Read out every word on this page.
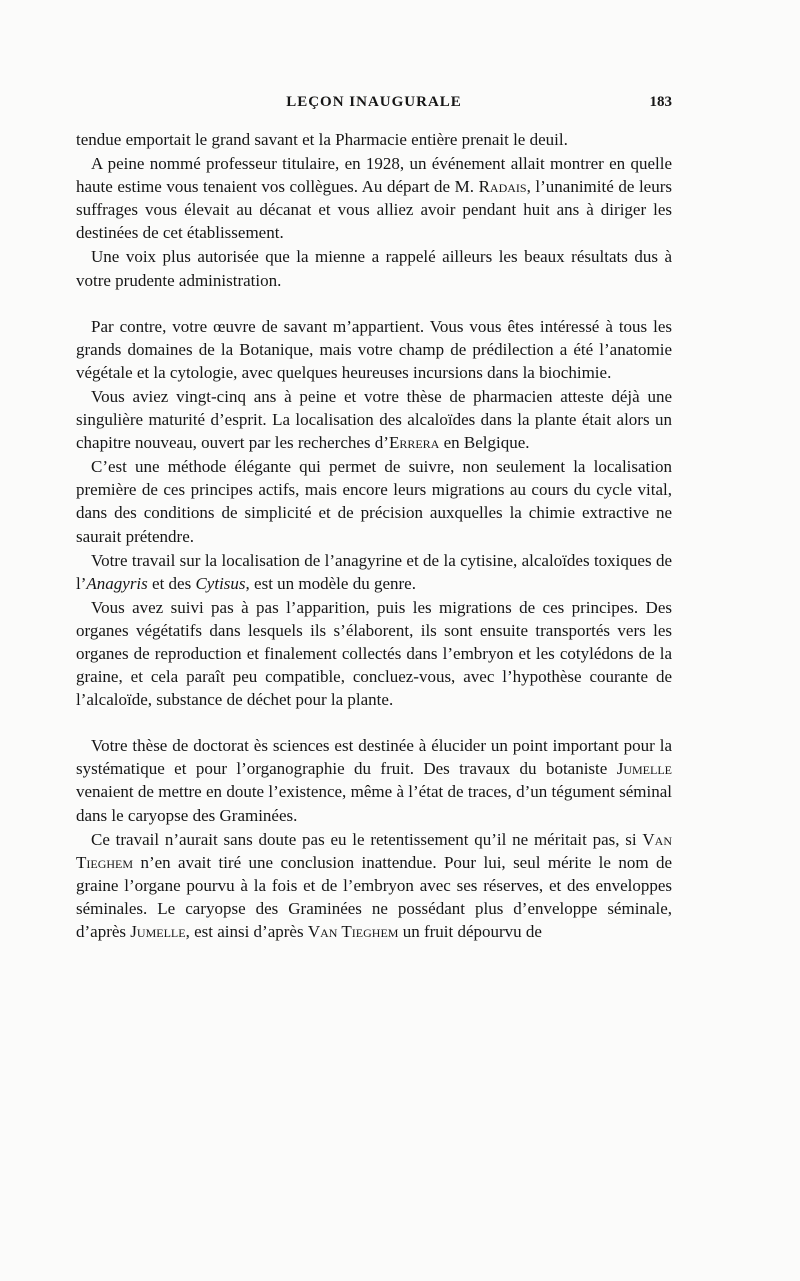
LEÇON INAUGURALE	183

tendue emportait le grand savant et la Pharmacie entière prenait le deuil.

A peine nommé professeur titulaire, en 1928, un événement allait montrer en quelle haute estime vous tenaient vos collègues. Au départ de M. Radais, l’unanimité de leurs suffrages vous élevait au décanat et vous alliez avoir pendant huit ans à diriger les destinées de cet établissement.

Une voix plus autorisée que la mienne a rappelé ailleurs les beaux résultats dus à votre prudente administration.

Par contre, votre œuvre de savant m’appartient. Vous vous êtes intéressé à tous les grands domaines de la Botanique, mais votre champ de prédilection a été l’anatomie végétale et la cytologie, avec quelques heureuses incursions dans la biochimie.

Vous aviez vingt-cinq ans à peine et votre thèse de pharmacien atteste déjà une singulière maturité d’esprit. La localisation des alcaloïdes dans la plante était alors un chapitre nouveau, ouvert par les recherches d’Errera en Belgique.

C’est une méthode élégante qui permet de suivre, non seulement la localisation première de ces principes actifs, mais encore leurs migrations au cours du cycle vital, dans des conditions de simplicité et de précision auxquelles la chimie extractive ne saurait prétendre.

Votre travail sur la localisation de l’anagyrine et de la cytisine, alcaloïdes toxiques de l’Anagyris et des Cytisus, est un modèle du genre.

Vous avez suivi pas à pas l’apparition, puis les migrations de ces principes. Des organes végétatifs dans lesquels ils s’élaborent, ils sont ensuite transportés vers les organes de reproduction et finalement collectés dans l’embryon et les cotylédons de la graine, et cela paraît peu compatible, concluez-vous, avec l’hypothèse courante de l’alcaloïde, substance de déchet pour la plante.

Votre thèse de doctorat ès sciences est destinée à élucider un point important pour la systématique et pour l’organographie du fruit. Des travaux du botaniste Jumelle venaient de mettre en doute l’existence, même à l’état de traces, d’un tégument séminal dans le caryopse des Graminées.

Ce travail n’aurait sans doute pas eu le retentissement qu’il ne méritait pas, si Van Tieghem n’en avait tiré une conclusion inattendue. Pour lui, seul mérite le nom de graine l’organe pourvu à la fois et de l’embryon avec ses réserves, et des enveloppes séminales. Le caryopse des Graminées ne possédant plus d’enveloppe séminale, d’après Jumelle, est ainsi d’après Van Tieghem un fruit dépourvu de
